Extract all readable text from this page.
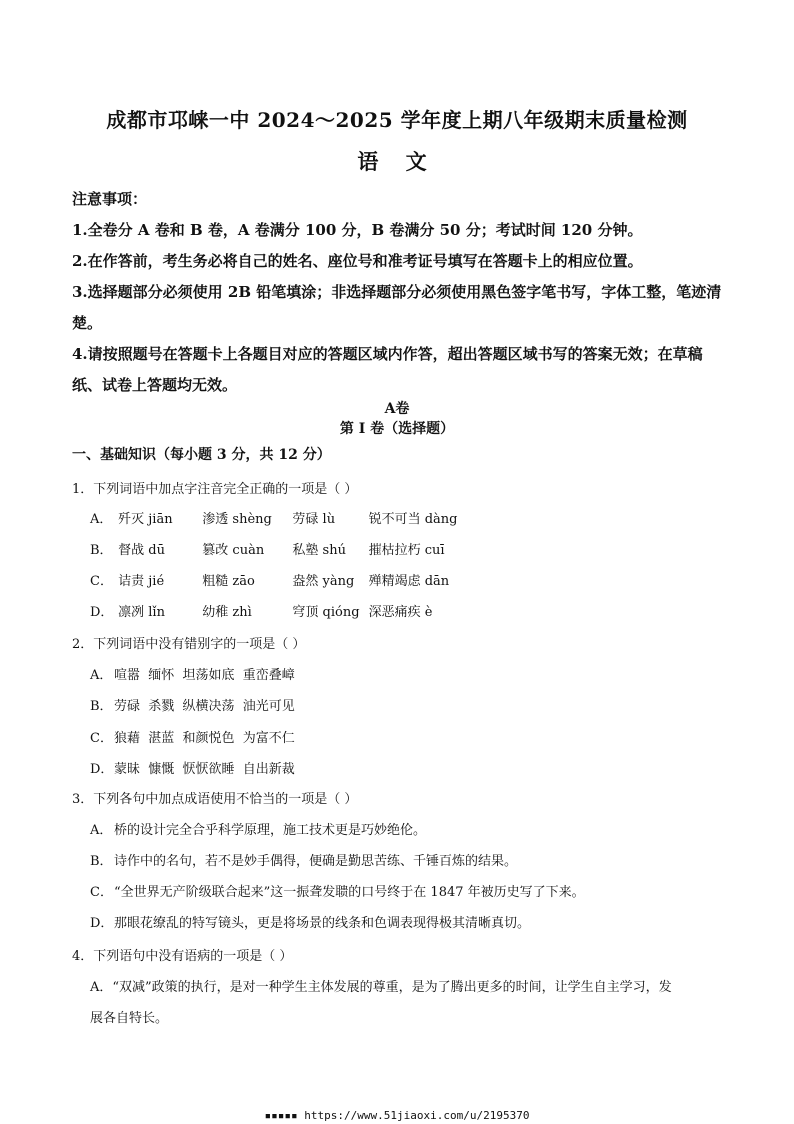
成都市邛崃一中 2024～2025 学年度上期八年级期末质量检测
语 文
注意事项：
1.全卷分 A 卷和 B 卷，A 卷满分 100 分，B 卷满分 50 分；考试时间 120 分钟。
2.在作答前，考生务必将自己的姓名、座位号和准考证号填写在答题卡上的相应位置。
3.选择题部分必须使用 2B 铅笔填涂；非选择题部分必须使用黑色签字笔书写，字体工整，笔迹清楚。
4.请按照题号在答题卡上各题目对应的答题区域内作答，超出答题区域书写的答案无效；在草稿纸、试卷上答题均无效。
A卷
第 I 卷（选择题）
一、基础知识（每小题 3 分，共 12 分）
1．下列词语中加点字注音完全正确的一项是（ ）
A． 歼灭 jiān 渗透 shèng 劳碌 lù	锐不可当 dàng
B． 督战 dū	篡改 cuàn 私塾 shú 摧枯拉朽 cuī
C． 诘责 jié	粗糙 zāo	盎然 yàng 殚精竭虑 dān
D． 凛冽 lǐn	幼稚 zhì	穹顶 qióng 深恶痛疾 è
2．下列词语中没有错别字的一项是（ ）
A． 喧嚣  缅怀  坦荡如底  重峦叠嶂
B．劳碌  杀戮  纵横决荡  油光可见
C．狼藉  湛蓝  和颜悦色  为富不仁
D．蒙昧  慷慨  恹恹欲睡  自出新裁
3．下列各句中加点成语使用不恰当的一项是（ ）
A． 桥的设计完全合乎科学原理，施工技术更是巧妙绝伦。
B．诗作中的名句，若不是妙手偶得，便确是勤思苦练、千锤百炼的结果。
C．“全世界无产阶级联合起来”这一振聋发聩的口号终于在 1847 年被历史写了下来。
D．那眼花缭乱的特写镜头，更是将场景的线条和色调表现得极其清晰真切。
4．下列语句中没有语病的一项是（ ）
A．“双减”政策的执行，是对一种学生主体发展的尊重，是为了腾出更多的时间，让学生自主学习，发
展各自特长。
▪▪▪▪▪ https://www.51jiaoxi.com/u/2195370
